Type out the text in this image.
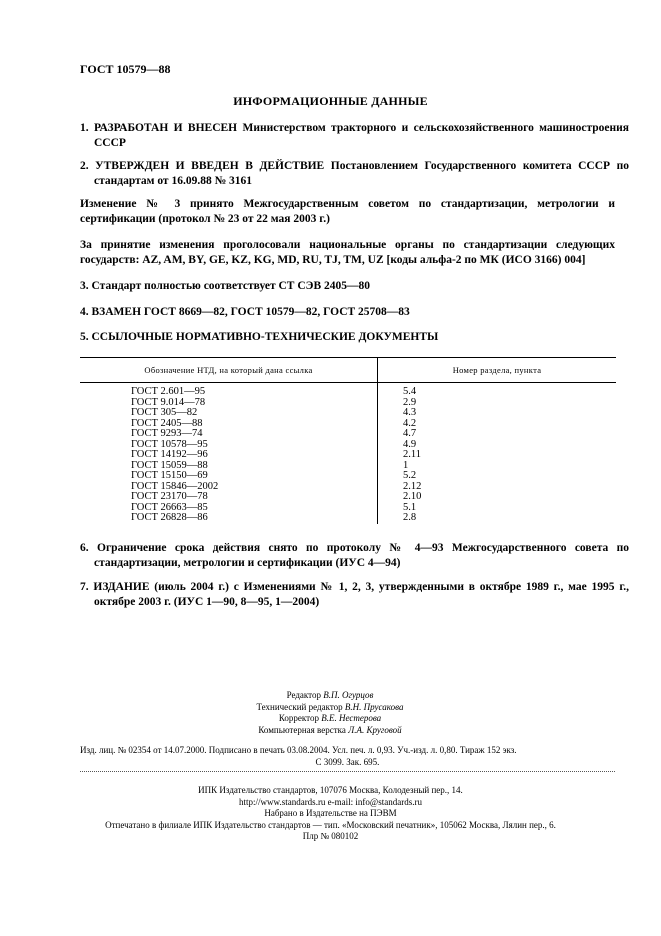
ГОСТ 10579—88
ИНФОРМАЦИОННЫЕ ДАННЫЕ
1. РАЗРАБОТАН И ВНЕСЕН Министерством тракторного и сельскохозяйственного машиностроения СССР
2. УТВЕРЖДЕН И ВВЕДЕН В ДЕЙСТВИЕ Постановлением Государственного комитета СССР по стандартам от 16.09.88 № 3161
Изменение № 3 принято Межгосударственным советом по стандартизации, метрологии и сертификации (протокол № 23 от 22 мая 2003 г.)
За принятие изменения проголосовали национальные органы по стандартизации следующих государств: AZ, AM, BY, GE, KZ, KG, MD, RU, TJ, TM, UZ [коды альфа-2 по МК (ИСО 3166) 004]
3. Стандарт полностью соответствует СТ СЭВ 2405—80
4. ВЗАМЕН ГОСТ 8669—82, ГОСТ 10579—82, ГОСТ 25708—83
5. ССЫЛОЧНЫЕ НОРМАТИВНО-ТЕХНИЧЕСКИЕ ДОКУМЕНТЫ
Обозначение НТД, на который дана ссылка	Номер раздела, пункта
ГОСТ 2.601—95	5.4
ГОСТ 9.014—78	2.9
ГОСТ 305—82	4.3
ГОСТ 2405—88	4.2
ГОСТ 9293—74	4.7
ГОСТ 10578—95	4.9
ГОСТ 14192—96	2.11
ГОСТ 15059—88	1
ГОСТ 15150—69	5.2
ГОСТ 15846—2002	2.12
ГОСТ 23170—78	2.10
ГОСТ 26663—85	5.1
ГОСТ 26828—86	2.8
6. Ограничение срока действия снято по протоколу № 4—93 Межгосударственного совета по стандартизации, метрологии и сертификации (ИУС 4—94)
7. ИЗДАНИЕ (июль 2004 г.) с Изменениями № 1, 2, 3, утвержденными в октябре 1989 г., мае 1995 г., октябре 2003 г. (ИУС 1—90, 8—95, 1—2004)
Редактор В.П. Огурцов
Технический редактор В.Н. Прусакова
Корректор В.Е. Нестерова
Компьютерная верстка Л.А. Круговой
Изд. лиц. № 02354 от 14.07.2000. Подписано в печать 03.08.2004. Усл. печ. л. 0,93. Уч.-изд. л. 0,80. Тираж 152 экз.
С 3099. Зак. 695.
ИПК Издательство стандартов, 107076 Москва, Колодезный пер., 14.
http://www.standards.ru e-mail: info@standards.ru
Набрано в Издательстве на ПЭВМ
Отпечатано в филиале ИПК Издательство стандартов — тип. «Московский печатник», 105062 Москва, Лялин пер., 6.
Плр № 080102
